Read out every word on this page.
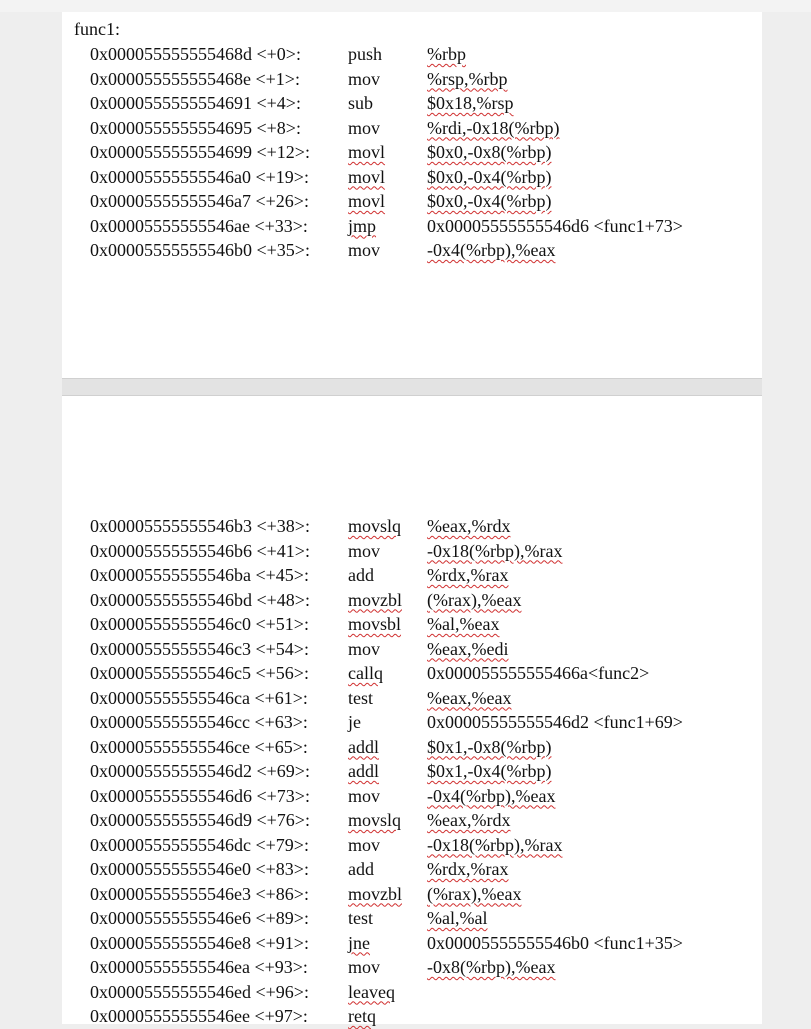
func1:
0x000055555555468d <+0>:	push %rbp
0x000055555555468e <+1>:	mov	%rsp,%rbp
0x0000555555554691 <+4>:	sub	$0x18,%rsp
0x0000555555554695 <+8>:	mov	%rdi,-0x18(%rbp)
0x0000555555554699 <+12>: movl $0x0,-0x8(%rbp)
0x00005555555546a0 <+19>: movl $0x0,-0x4(%rbp)
0x00005555555546a7 <+26>: movl $0x0,-0x4(%rbp)
0x00005555555546ae <+33>: jmp	0x00005555555546d6 <func1+73>
0x00005555555546b0 <+35>: mov	-0x4(%rbp),%eax
0x00005555555546b3 <+38>: movslq %eax,%rdx
0x00005555555546b6 <+41>: mov	-0x18(%rbp),%rax
0x00005555555546ba <+45>: add	%rdx,%rax
0x00005555555546bd <+48>: movzbl (%rax),%eax
0x00005555555546c0 <+51>: movsbl %al,%eax
0x00005555555546c3 <+54>: mov	%eax,%edi
0x00005555555546c5 <+56>: callq 0x000055555555466a<func2>
0x00005555555546ca <+61>: test	%eax,%eax
0x00005555555546cc <+63>: je	0x00005555555546d2 <func1+69>
0x00005555555546ce <+65>: addl	$0x1,-0x8(%rbp)
0x00005555555546d2 <+69>: addl	$0x1,-0x4(%rbp)
0x00005555555546d6 <+73>: mov	-0x4(%rbp),%eax
0x00005555555546d9 <+76>: movslq %eax,%rdx
0x00005555555546dc <+79>: mov	-0x18(%rbp),%rax
0x00005555555546e0 <+83>: add	%rdx,%rax
0x00005555555546e3 <+86>: movzbl (%rax),%eax
0x00005555555546e6 <+89>: test	%al,%al
0x00005555555546e8 <+91>: jne	0x00005555555546b0 <func1+35>
0x00005555555546ea <+93>: mov	-0x8(%rbp),%eax
0x00005555555546ed <+96>: leaveq
0x00005555555546ee <+97>: retq
